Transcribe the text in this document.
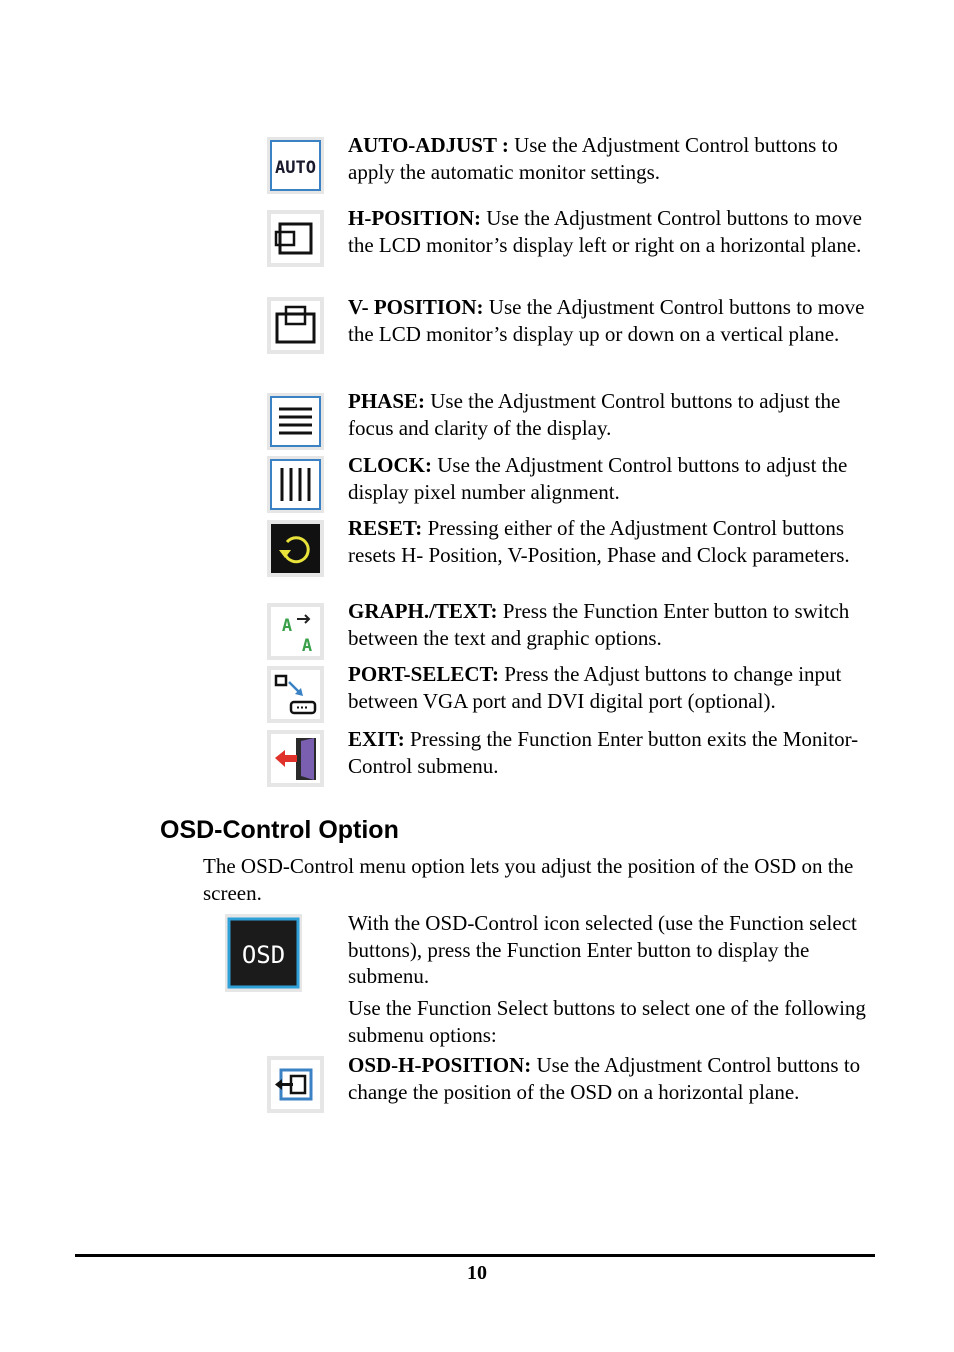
AUTO
AUTO-ADJUST : Use the Adjustment Control buttons to apply the automatic monitor settings.
H-POSITION: Use the Adjustment Control buttons to move the LCD monitor’s display left or right on a horizontal plane.
V- POSITION: Use the Adjustment Control buttons to move the LCD monitor’s display up or down on a vertical plane.
PHASE: Use the Adjustment Control buttons to adjust the focus and clarity of the display.
CLOCK: Use the Adjustment Control buttons to adjust the display pixel number alignment.
RESET: Pressing either of the Adjustment Control buttons resets H- Position, V-Position, Phase and Clock parameters.
A
A
GRAPH./TEXT: Press the Function Enter button to switch between the text and graphic options.
PORT-SELECT: Press the Adjust buttons to change input between VGA port and DVI digital port (optional).
EXIT: Pressing the Function Enter button exits the Monitor-Control submenu.
OSD-Control Option
The OSD-Control menu option lets you adjust the position of the OSD on the screen.
OSD
With the OSD-Control icon selected (use the Function select buttons), press the Function Enter button to display the submenu.
Use the Function Select buttons to select one of the following submenu options:
OSD-H-POSITION: Use the Adjustment Control buttons to change the position of the OSD on a horizontal plane.
10
